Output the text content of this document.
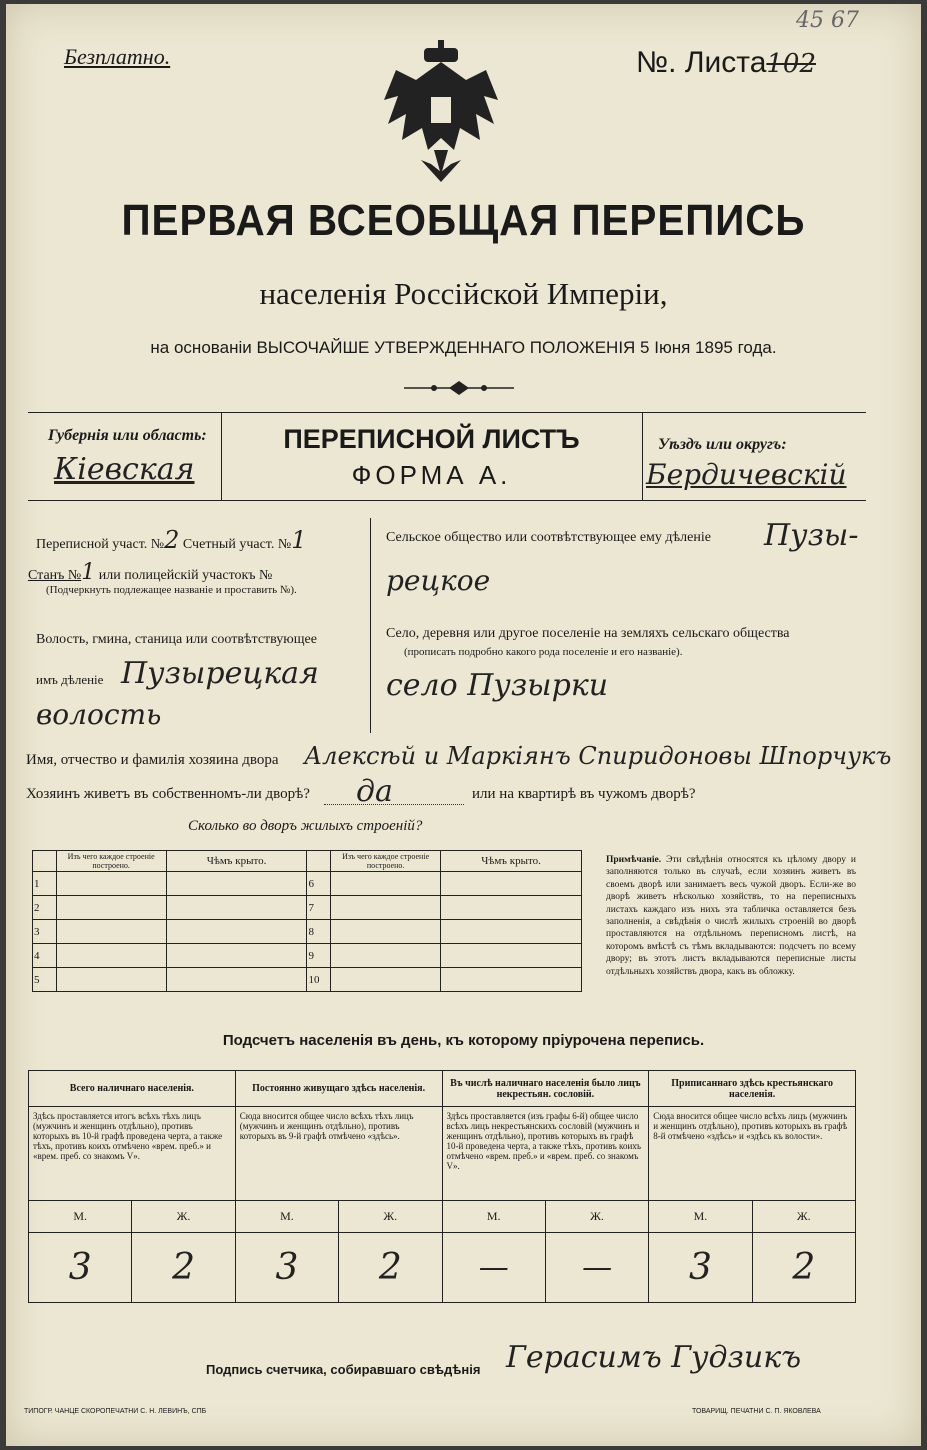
Безплатно.	№. Листа102
45 67
ПЕРВАЯ ВСЕОБЩАЯ ПЕРЕПИСЬ
населенія Россійской Имперіи,
на основаніи ВЫСОЧАЙШЕ УТВЕРЖДЕННАГО ПОЛОЖЕНІЯ 5 Іюня 1895 года.
Губернія или область:
Кіевская
ПЕРЕПИСНОЙ ЛИСТЪ
ФОРМА А.
Уѣздъ или округъ:
Бердичевскій
Переписной участ. №2 Счетный участ. №1
Станъ №1 или полицейскій участокъ №
(Подчеркнуть подлежащее названіе и проставить №).
Волость, гмина, станица или соотвѣтствующее
имъ дѣленіе Пузырецкая
волость
Сельское общество или соотвѣтствующее ему дѣленіе Пузы-
рецкое
Село, деревня или другое поселеніе на земляхъ сельскаго общества
(прописать подробно какого рода поселеніе и его названіе).
село Пузырки
Имя, отчество и фамилія хозяина двора Алексѣй и Маркіянъ Спиридоновы Шпорчукъ
Хозяинъ живетъ въ собственномъ-ли дворѣ? да	или на квартирѣ въ чужомъ дворѣ?
Сколько во дворъ жилыхъ строеній?
	Изъ чего каждое строеніе построено.	Чѣмъ крыто.		Изъ чего каждое строеніе построено.	Чѣмъ крыто.
1			6		
2			7		
3			8		
4			9		
5			10		
Примѣчаніе. Эти свѣдѣнія относятся къ цѣлому двору и заполняются только въ случаѣ, если хозяинъ живетъ въ своемъ дворѣ или занимаетъ весь чужой дворъ. Если-же во дворѣ живетъ нѣсколько хозяйствъ, то на переписныхъ листахъ каждаго изъ нихъ эта табличка оставляется безъ заполненія, а свѣдѣнія о числѣ жилыхъ строеній во дворѣ проставляются на отдѣльномъ переписномъ листѣ, на которомъ вмѣстѣ съ тѣмъ вкладываются: подсчетъ по всему двору; въ этотъ листъ вкладываются переписные листы отдѣльныхъ хозяйствъ двора, какъ въ обложку.
Подсчетъ населенія въ день, къ которому пріурочена перепись.
Всего наличнаго населенія.		Постоянно живущаго здѣсь населенія.		Въ числѣ наличнаго населенія было лицъ некрестьян. сословій.		Приписаннаго здѣсь крестьянскаго населенія.	
Здѣсь проставляется итогъ всѣхъ тѣхъ лицъ (мужчинъ и женщинъ отдѣльно), противъ которыхъ въ 10-й графѣ проведена черта, а также тѣхъ, противъ коихъ отмѣчено «врем. преб.» и «врем. преб. со знакомъ V».		Сюда вносится общее число всѣхъ тѣхъ лицъ (мужчинъ и женщинъ отдѣльно), противъ которыхъ въ 9-й графѣ отмѣчено «здѣсь».		Здѣсь проставляется (изъ графы 6-й) общее число всѣхъ лицъ некрестьянскихъ сословій (мужчинъ и женщинъ отдѣльно), противъ которыхъ въ графѣ 10-й проведена черта, а также тѣхъ, противъ коихъ отмѣчено «врем. преб.» и «врем. преб. со знакомъ V».		Сюда вносится общее число всѣхъ лицъ (мужчинъ и женщинъ отдѣльно), противъ которыхъ въ графѣ 8-й отмѣчено «здѣсь» и «здѣсь къ волости».	
М.	Ж.	М.	Ж.	М.	Ж.	М.	Ж.
3	2	3	2	—	—	3	2
Подпись счетчика, собиравшаго свѣдѣнія Герасимъ Гудзикъ
ТИПОГР. ЧАНЦЕ СКОРОПЕЧАТНИ С. Н. ЛЕВИНЪ, СПБ	ТОВАРИЩ. ПЕЧАТНИ С. П. ЯКОВЛЕВА
